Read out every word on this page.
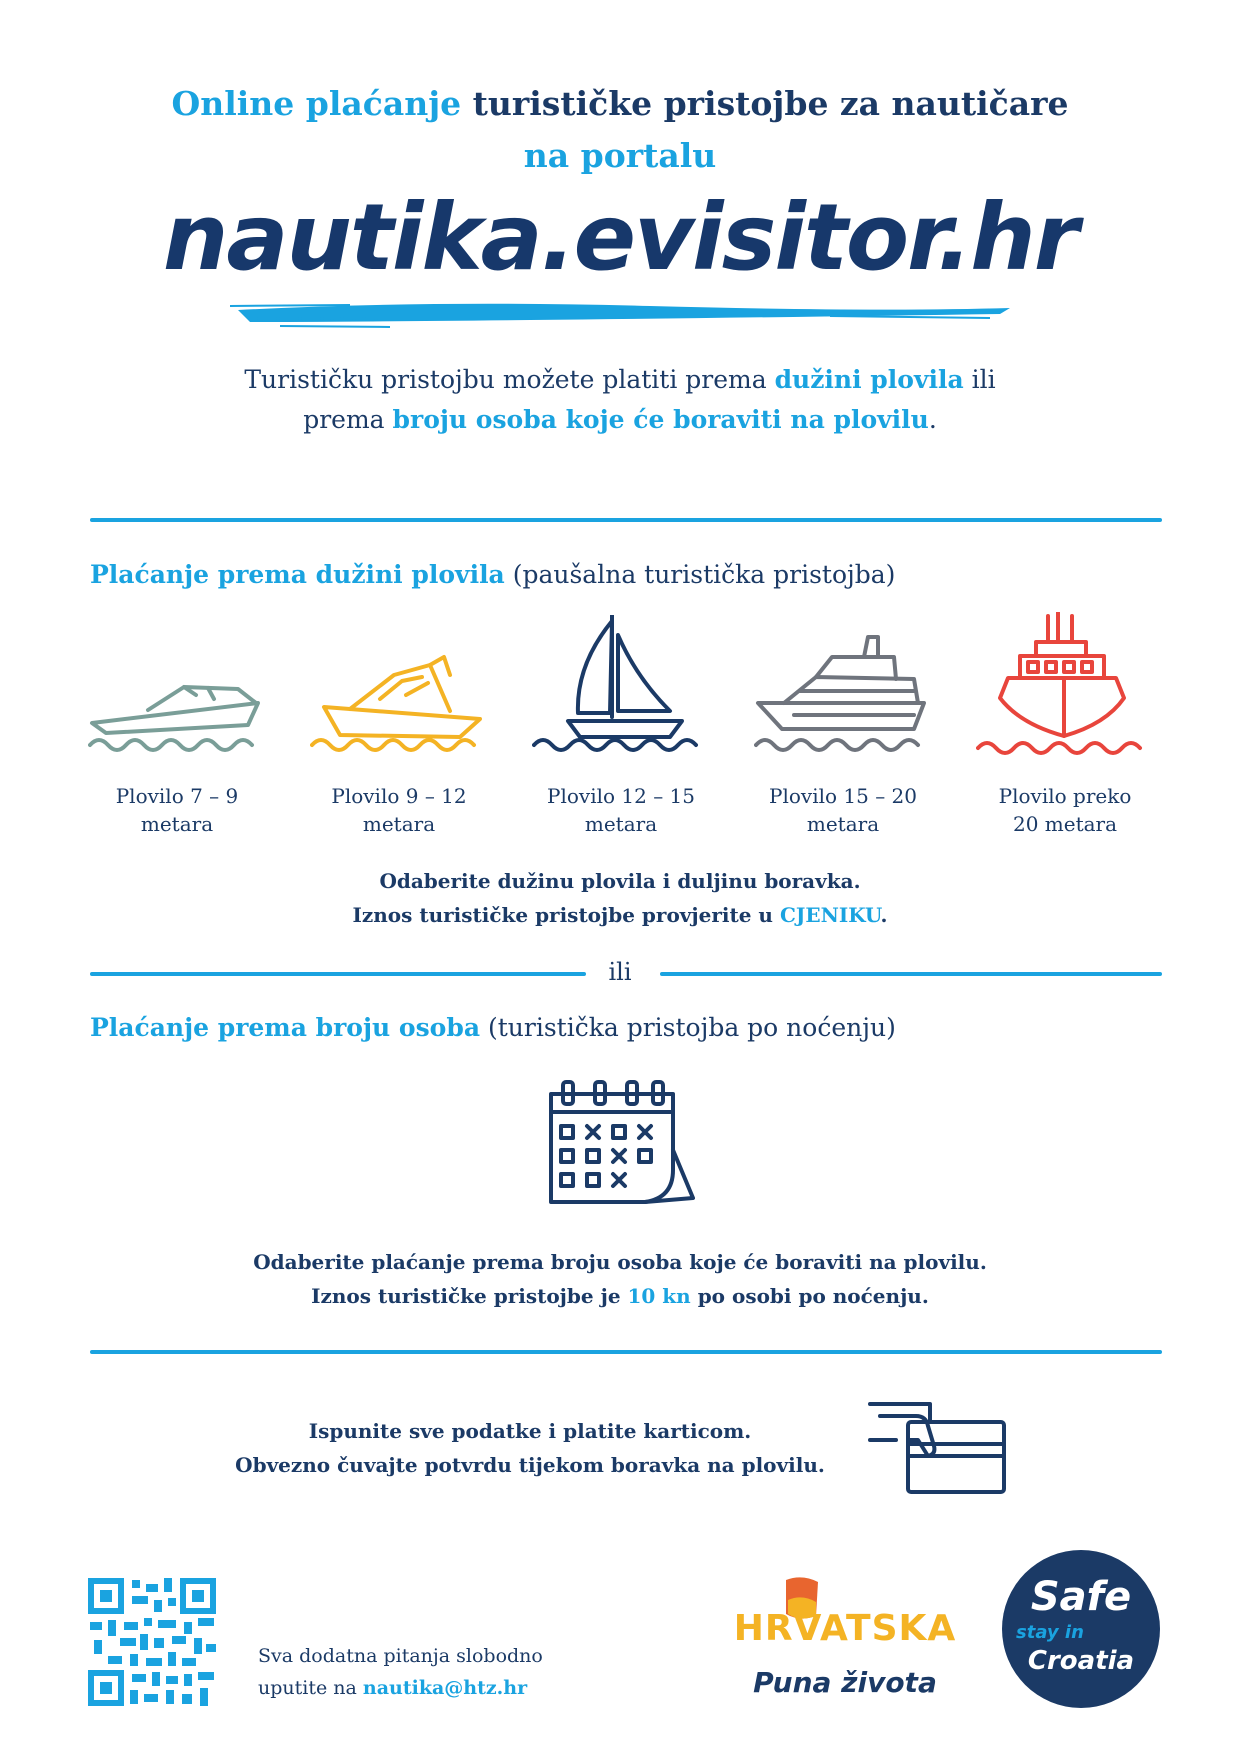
Online plaćanje turističke pristojbe za nautičare
na portalu
nautika.evisitor.hr
Turističku pristojbu možete platiti prema dužini plovila ili
prema broju osoba koje će boraviti na plovilu.
Plaćanje prema dužini plovila (paušalna turistička pristojba)
Plovilo 7 – 9
metara
Plovilo 9 – 12
metara
Plovilo 12 – 15
metara
Plovilo 15 – 20
metara
Plovilo preko
20 metara
Odaberite dužinu plovila i duljinu boravka.
Iznos turističke pristojbe provjerite u CJENIKU.
ili
Plaćanje prema broju osoba (turistička pristojba po noćenju)
Odaberite plaćanje prema broju osoba koje će boraviti na plovilu.
Iznos turističke pristojbe je 10 kn po osobi po noćenju.
Ispunite sve podatke i platite karticom.
Obvezno čuvajte potvrdu tijekom boravka na plovilu.
Sva dodatna pitanja slobodno
uputite na nautika@htz.hr
HRVATSKA
Puna života
Safe
stay in
Croatia
